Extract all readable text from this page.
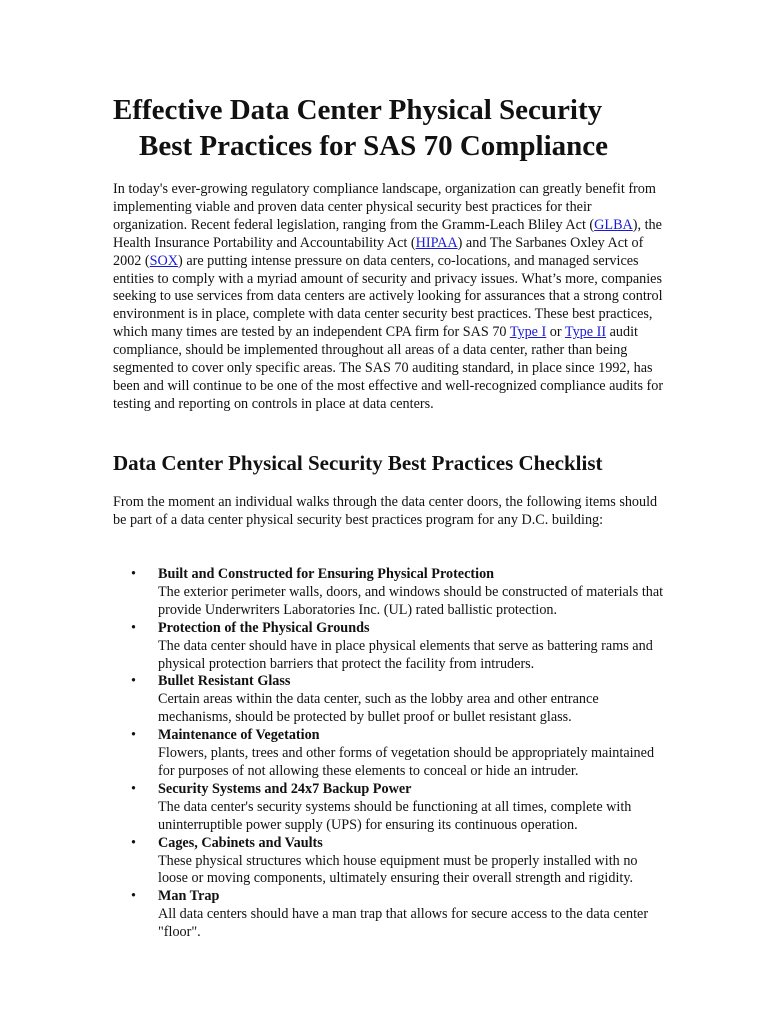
Effective Data Center Physical Security
Best Practices for SAS 70 Compliance

In today's ever-growing regulatory compliance landscape, organization can greatly benefit from implementing viable and proven data center physical security best practices for their organization. Recent federal legislation, ranging from the Gramm-Leach Bliley Act (GLBA), the Health Insurance Portability and Accountability Act (HIPAA) and The Sarbanes Oxley Act of 2002 (SOX) are putting intense pressure on data centers, co-locations, and managed services entities to comply with a myriad amount of security and privacy issues. What’s more, companies seeking to use services from data centers are actively looking for assurances that a strong control environment is in place, complete with data center security best practices. These best practices, which many times are tested by an independent CPA firm for SAS 70 Type I or Type II audit compliance, should be implemented throughout all areas of a data center, rather than being segmented to cover only specific areas. The SAS 70 auditing standard, in place since 1992, has been and will continue to be one of the most effective and well-recognized compliance audits for testing and reporting on controls in place at data centers.

Data Center Physical Security Best Practices Checklist

From the moment an individual walks through the data center doors, the following items should be part of a data center physical security best practices program for any D.C. building:

• Built and Constructed for Ensuring Physical Protection
The exterior perimeter walls, doors, and windows should be constructed of materials that provide Underwriters Laboratories Inc. (UL) rated ballistic protection.
• Protection of the Physical Grounds
The data center should have in place physical elements that serve as battering rams and physical protection barriers that protect the facility from intruders.
• Bullet Resistant Glass
Certain areas within the data center, such as the lobby area and other entrance mechanisms, should be protected by bullet proof or bullet resistant glass.
• Maintenance of Vegetation
Flowers, plants, trees and other forms of vegetation should be appropriately maintained for purposes of not allowing these elements to conceal or hide an intruder.
• Security Systems and 24x7 Backup Power
The data center's security systems should be functioning at all times, complete with uninterruptible power supply (UPS) for ensuring its continuous operation.
• Cages, Cabinets and Vaults
These physical structures which house equipment must be properly installed with no loose or moving components, ultimately ensuring their overall strength and rigidity.
• Man Trap
All data centers should have a man trap that allows for secure access to the data center "floor".
